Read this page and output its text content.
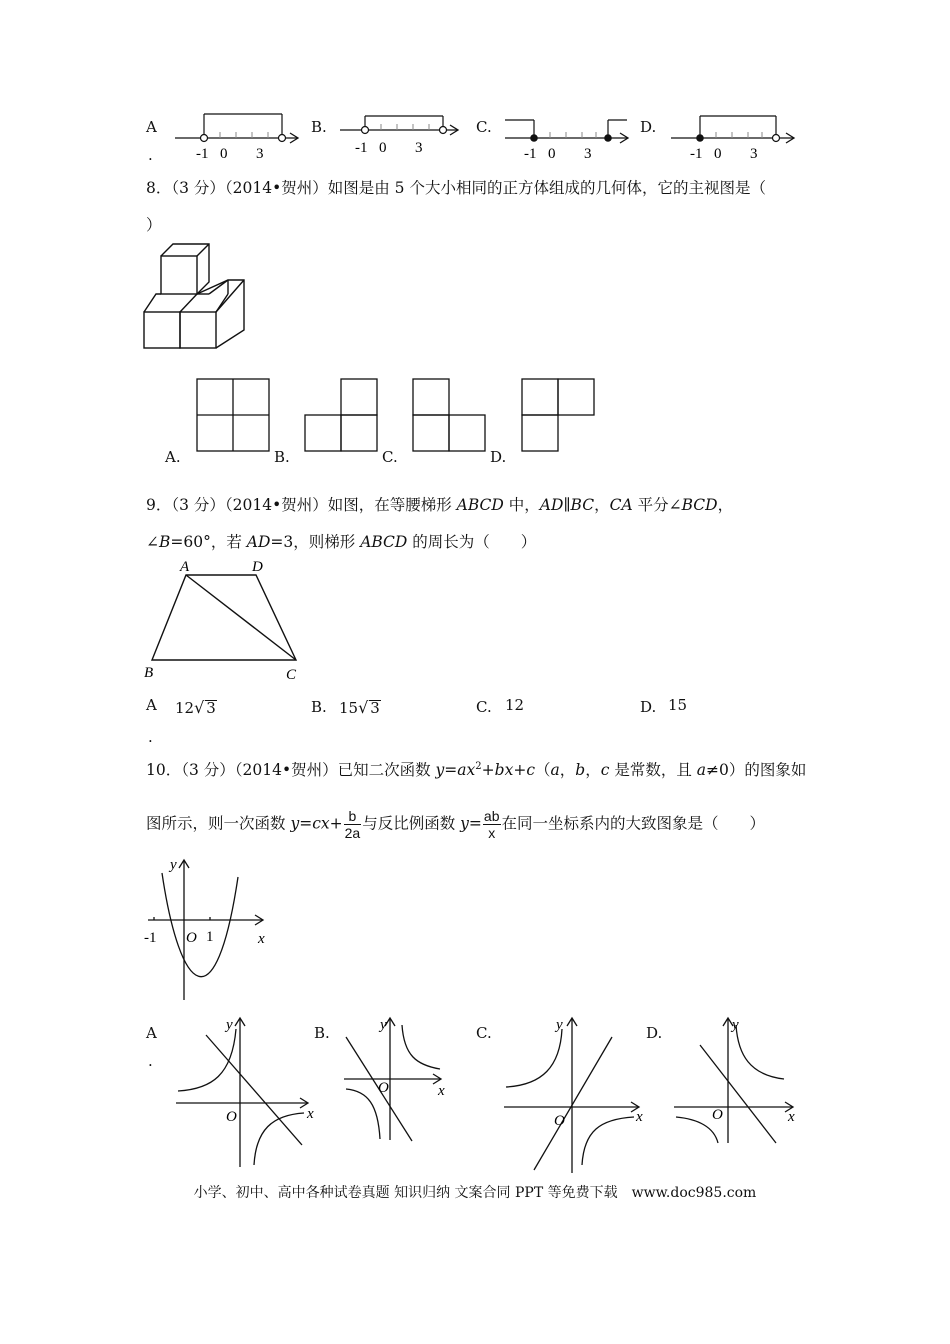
A
.	-1 0 3
B.
-1 0 3
C.
-1 0 3
D.
-1 0 3
8．（3 分）（2014•贺州）如图是由 5 个大小相同的正方体组成的几何体，它的主视图是（
）
A.	B.	C.	D.
9．（3 分）（2014•贺州）如图，在等腰梯形 ABCD 中，AD∥BC，CA 平分∠BCD，
∠B=60°，若 AD=3，则梯形 ABCD 的周长为（　　）
A	D
B	C
A
.
12√ 3	B. 15√ 3	C. 12	D. 15
10．（3 分）（2014•贺州）已知二次函数 $y=ax^2+bx+c(a$，b，c 是常数，且 a≠0）的图象如
图所示，则一次函数 $y=cx+ \frac{b}{2a}$ 与反比例函数 $y= \frac{ab}{x}$ 在同一坐标系内的大致图象是（　　）
y
x
O
-1	1
A
.
y
x
O
B.	y
x
O
C.	y
x
O
D.	y
x
O
小学、初中、高中各种试卷真题 知识归纳 文案合同 PPT 等免费下载　www.doc985.com
